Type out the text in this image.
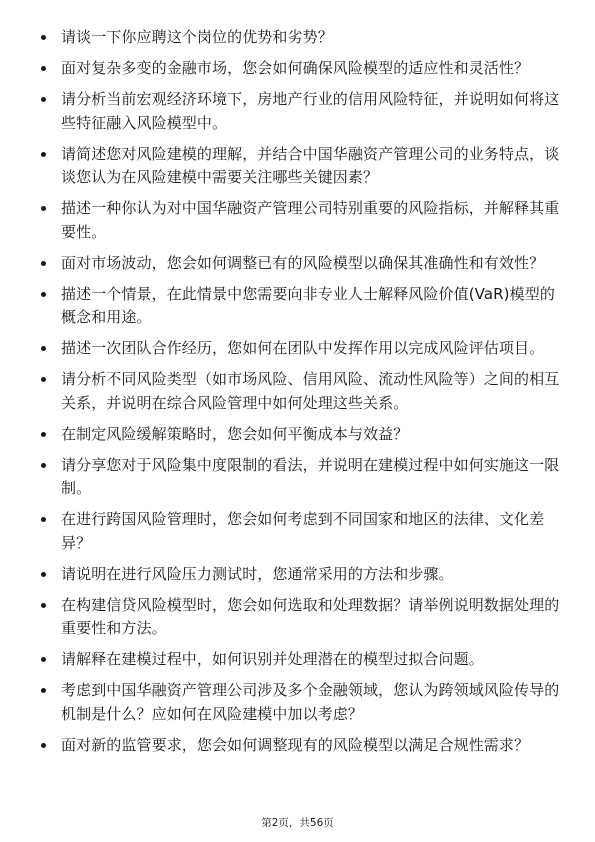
请谈一下你应聘这个岗位的优势和劣势？
面对复杂多变的金融市场，您会如何确保风险模型的适应性和灵活性？
请分析当前宏观经济环境下，房地产行业的信用风险特征，并说明如何将这些特征融入风险模型中。
请简述您对风险建模的理解，并结合中国华融资产管理公司的业务特点，谈谈您认为在风险建模中需要关注哪些关键因素？
描述一种你认为对中国华融资产管理公司特别重要的风险指标，并解释其重要性。
面对市场波动，您会如何调整已有的风险模型以确保其准确性和有效性？
描述一个情景，在此情景中您需要向非专业人士解释风险价值(VaR)模型的概念和用途。
描述一次团队合作经历，您如何在团队中发挥作用以完成风险评估项目。
请分析不同风险类型（如市场风险、信用风险、流动性风险等）之间的相互关系，并说明在综合风险管理中如何处理这些关系。
在制定风险缓解策略时，您会如何平衡成本与效益？
请分享您对于风险集中度限制的看法，并说明在建模过程中如何实施这一限制。
在进行跨国风险管理时，您会如何考虑到不同国家和地区的法律、文化差异？
请说明在进行风险压力测试时，您通常采用的方法和步骤。
在构建信贷风险模型时，您会如何选取和处理数据？请举例说明数据处理的重要性和方法。
请解释在建模过程中，如何识别并处理潜在的模型过拟合问题。
考虑到中国华融资产管理公司涉及多个金融领域，您认为跨领域风险传导的机制是什么？应如何在风险建模中加以考虑？
面对新的监管要求，您会如何调整现有的风险模型以满足合规性需求？
第2页，共56页
